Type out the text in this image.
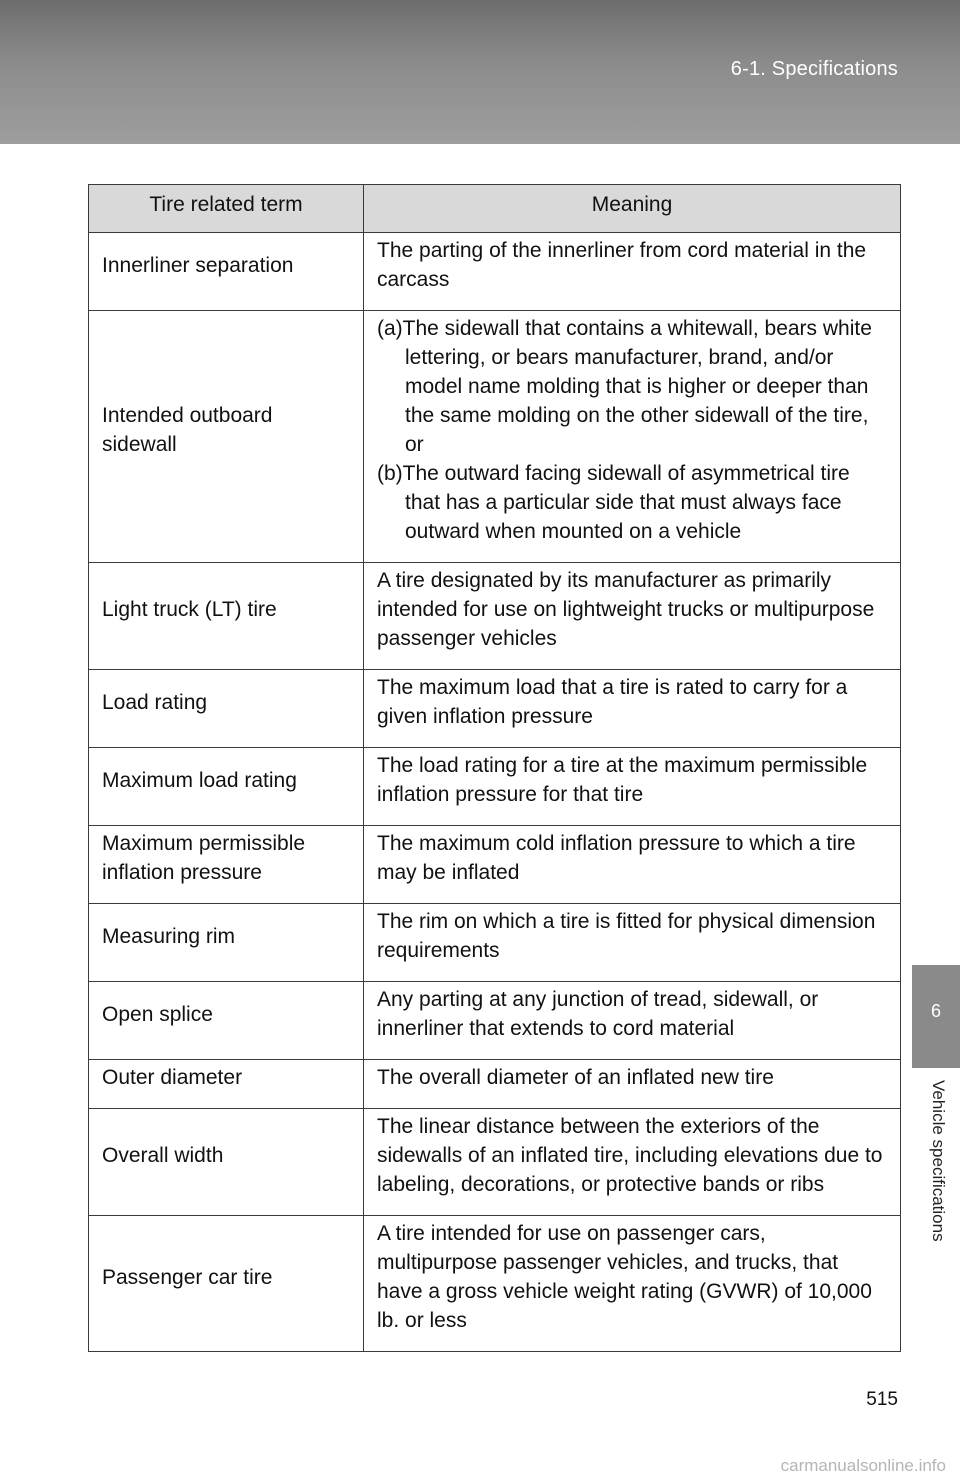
6-1. Specifications
Tire related term	Meaning
Innerliner separation	The parting of the innerliner from cord material in the carcass
Intended outboard sidewall	(a)The sidewall that contains a whitewall, bears white lettering, or bears manufacturer, brand, and/or model name molding that is higher or deeper than the same molding on the other sidewall of the tire, or
(b)The outward facing sidewall of asymmetrical tire that has a particular side that must always face outward when mounted on a vehicle

Light truck (LT) tire	A tire designated by its manufacturer as primarily intended for use on lightweight trucks or multipurpose passenger vehicles
Load rating	The maximum load that a tire is rated to carry for a given inflation pressure
Maximum load rating	The load rating for a tire at the maximum permissible inflation pressure for that tire
Maximum permissible inflation pressure	The maximum cold inflation pressure to which a tire may be inflated
Measuring rim	The rim on which a tire is fitted for physical dimension requirements
Open splice	Any parting at any junction of tread, sidewall, or innerliner that extends to cord material
Outer diameter	The overall diameter of an inflated new tire
Overall width	The linear distance between the exteriors of the sidewalls of an inflated tire, including elevations due to labeling, decorations, or protective bands or ribs
Passenger car tire	A tire intended for use on passenger cars, multipurpose passenger vehicles, and trucks, that have a gross vehicle weight rating (GVWR) of 10,000 lb. or less
6
Vehicle specifications
515
carmanualsonline.info
